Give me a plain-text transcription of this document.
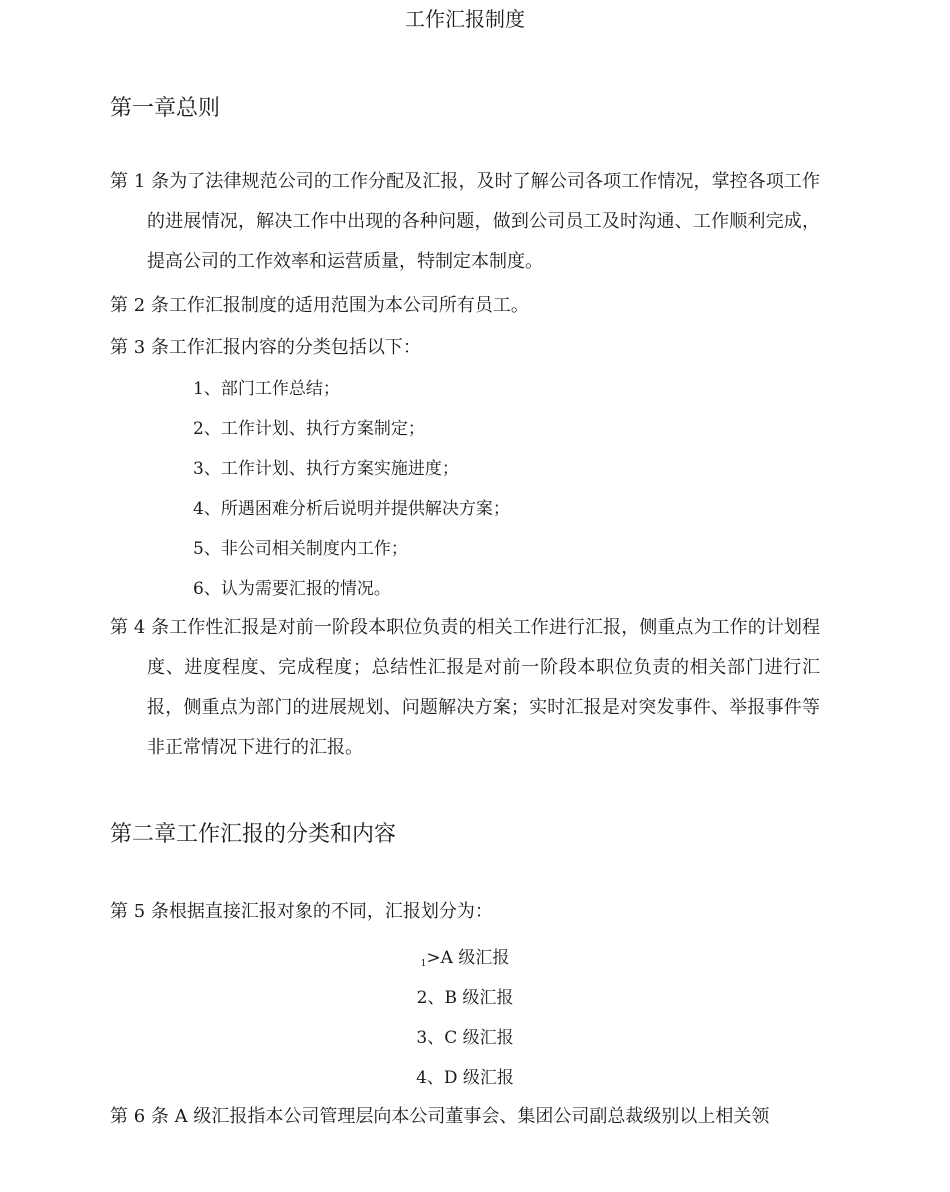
工作汇报制度
第一章总则

第 1 条为了法律规范公司的工作分配及汇报，及时了解公司各项工作情况，掌控各项工作的进展情况，解决工作中出现的各种问题，做到公司员工及时沟通、工作顺利完成，提高公司的工作效率和运营质量，特制定本制度。

第 2 条工作汇报制度的适用范围为本公司所有员工。

第 3 条工作汇报内容的分类包括以下：

1、部门工作总结；
2、工作计划、执行方案制定；
3、工作计划、执行方案实施进度；
4、所遇困难分析后说明并提供解决方案；
5、非公司相关制度内工作；
6、认为需要汇报的情况。

第 4 条工作性汇报是对前一阶段本职位负责的相关工作进行汇报，侧重点为工作的计划程度、进度程度、完成程度；总结性汇报是对前一阶段本职位负责的相关部门进行汇报，侧重点为部门的进展规划、问题解决方案；实时汇报是对突发事件、举报事件等非正常情况下进行的汇报。

第二章工作汇报的分类和内容

第 5 条根据直接汇报对象的不同，汇报划分为：

1>A 级汇报
2、B 级汇报
3、C 级汇报
4、D 级汇报

第 6 条 A 级汇报指本公司管理层向本公司董事会、集团公司副总裁级别以上相关领
